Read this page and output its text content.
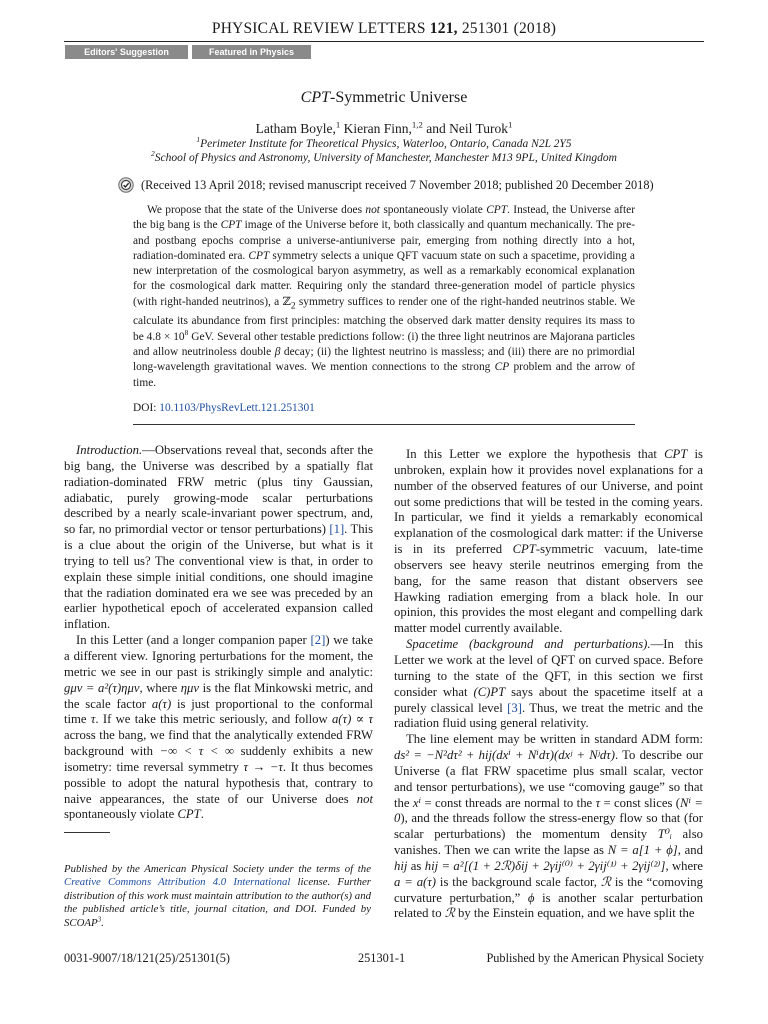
PHYSICAL REVIEW LETTERS 121, 251301 (2018)
Editors' Suggestion	Featured in Physics
CPT-Symmetric Universe
Latham Boyle,$^1$ Kieran Finn,$^{1,2}$ and Neil Turok$^1$
$^1$Perimeter Institute for Theoretical Physics, Waterloo, Ontario, Canada N2L 2Y5
$^2$School of Physics and Astronomy, University of Manchester, Manchester M13 9PL, United Kingdom
(Received 13 April 2018; revised manuscript received 7 November 2018; published 20 December 2018)

We propose that the state of the Universe does not spontaneously violate CPT. Instead, the Universe after the big bang is the CPT image of the Universe before it, both classically and quantum mechanically. The pre- and postbang epochs comprise a universe-antiuniverse pair, emerging from nothing directly into a hot, radiation-dominated era. CPT symmetry selects a unique QFT vacuum state on such a spacetime, providing a new interpretation of the cosmological baryon asymmetry, as well as a remarkably economical explanation for the cosmological dark matter. Requiring only the standard three-generation model of particle physics (with right-handed neutrinos), a ℤ$_2$ symmetry suffices to render one of the right-handed neutrinos stable. We calculate its abundance from first principles: matching the observed dark matter density requires its mass to be $4.8 \times 10^8$ GeV. Several other testable predictions follow: (i) the three light neutrinos are Majorana particles and allow neutrinoless double β decay; (ii) the lightest neutrino is massless; and (iii) there are no primordial long-wavelength gravitational waves. We mention connections to the strong CP problem and the arrow of time.

DOI: 10.1103/PhysRevLett.121.251301

Introduction.—Observations reveal that, seconds after the big bang, the Universe was described by a spatially flat radiation-dominated FRW metric (plus tiny Gaussian, adiabatic, purely growing-mode scalar perturbations described by a nearly scale-invariant power spectrum, and, so far, no primordial vector or tensor perturbations) [1]. This is a clue about the origin of the Universe, but what is it trying to tell us? The conventional view is that, in order to explain these simple initial conditions, one should imagine that the radiation dominated era we see was preceded by an earlier hypothetical epoch of accelerated expansion called inflation.

In this Letter (and a longer companion paper [2]) we take a different view. Ignoring perturbations for the moment, the metric we see in our past is strikingly simple and analytic: gμν = a²(τ)ημν, where ημν is the flat Minkowski metric, and the scale factor a(τ) is just proportional to the conformal time τ. If we take this metric seriously, and follow a(τ) ∝ τ across the bang, we find that the analytically extended FRW background with −∞ < τ < ∞ suddenly exhibits a new isometry: time reversal symmetry τ → −τ. It thus becomes possible to adopt the natural hypothesis that, contrary to naive appearances, the state of our Universe does not spontaneously violate CPT.

Published by the American Physical Society under the terms of the Creative Commons Attribution 4.0 International license. Further distribution of this work must maintain attribution to the author(s) and the published article’s title, journal citation, and DOI. Funded by SCOAP$^3$.

In this Letter we explore the hypothesis that CPT is unbroken, explain how it provides novel explanations for a number of the observed features of our Universe, and point out some predictions that will be tested in the coming years. In particular, we find it yields a remarkably economical explanation of the cosmological dark matter: if the Universe is in its preferred CPT-symmetric vacuum, late-time observers see heavy sterile neutrinos emerging from the bang, for the same reason that distant observers see Hawking radiation emerging from a black hole. In our opinion, this provides the most elegant and compelling dark matter model currently available.

Spacetime (background and perturbations).—In this Letter we work at the level of QFT on curved space. Before turning to the state of the QFT, in this section we first consider what (C)PT says about the spacetime itself at a purely classical level [3]. Thus, we treat the metric and the radiation fluid using general relativity.

The line element may be written in standard ADM form: ds² = −N²dτ² + hij(dxⁱ + Nⁱdτ)(dxʲ + Nʲdτ). To describe our Universe (a flat FRW spacetime plus small scalar, vector and tensor perturbations), we use “comoving gauge” so that the xⁱ = const threads are normal to the τ = const slices (Nⁱ = 0), and the threads follow the stress-energy flow so that (for scalar perturbations) the momentum density T⁰ᵢ also vanishes. Then we can write the lapse as N = a[1 + ϕ], and hij as hij = a²[(1 + 2ℛ)δij + 2γij⁽⁰⁾ + 2γij⁽¹⁾ + 2γij⁽²⁾], where a = a(τ) is the background scale factor, ℛ is the “comoving curvature perturbation,” ϕ is another scalar perturbation related to ℛ by the Einstein equation, and we have split the

0031-9007/18/121(25)/251301(5)	251301-1	Published by the American Physical Society
